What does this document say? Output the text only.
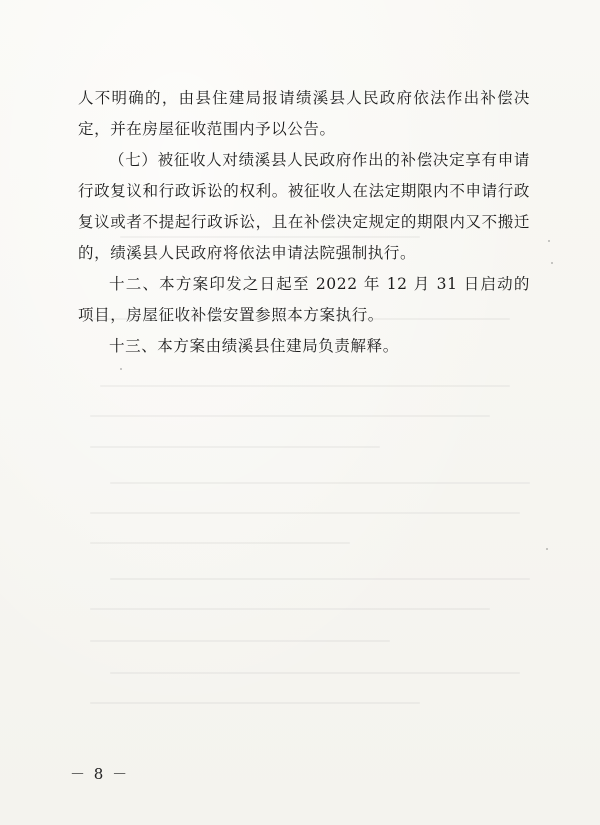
人不明确的，由县住建局报请绩溪县人民政府依法作出补偿决定，并在房屋征收范围内予以公告。

（七）被征收人对绩溪县人民政府作出的补偿决定享有申请行政复议和行政诉讼的权利。被征收人在法定期限内不申请行政复议或者不提起行政诉讼，且在补偿决定规定的期限内又不搬迁的，绩溪县人民政府将依法申请法院强制执行。

十二、本方案印发之日起至 2022 年 12 月 31 日启动的项目，房屋征收补偿安置参照本方案执行。

十三、本方案由绩溪县住建局负责解释。

－ 8 －
